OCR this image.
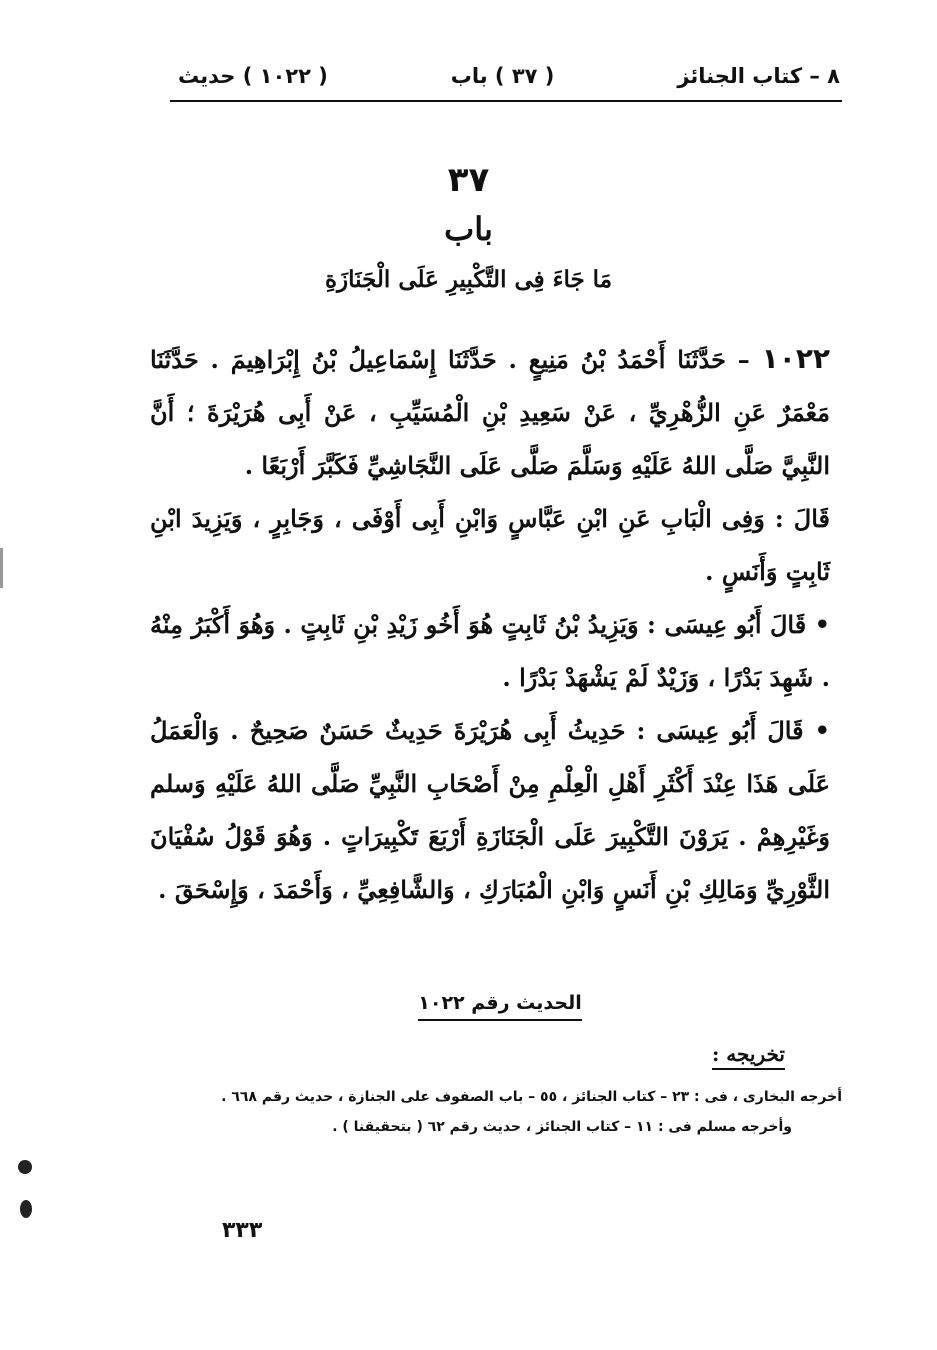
٨ – كتاب الجنائز
( ٣٧ ) باب
( ١٠٢٢ ) حديث
٣٧
باب
مَا جَاءَ فِى التَّكْبِيرِ عَلَى الْجَنَازَةِ

١٠٢٢ – حَدَّثَنَا أَحْمَدُ بْنُ مَنِيعٍ . حَدَّثَنَا إِسْمَاعِيلُ بْنُ إِبْرَاهِيمَ . حَدَّثَنَا مَعْمَرٌ عَنِ الزُّهْرِيِّ ، عَنْ سَعِيدِ بْنِ الْمُسَيِّبِ ، عَنْ أَبِى هُرَيْرَةَ ؛ أَنَّ النَّبِيَّ صَلَّى اللهُ عَلَيْهِ وَسَلَّمَ صَلَّى عَلَى النَّجَاشِيِّ فَكَبَّرَ أَرْبَعًا .

قَالَ : وَفِى الْبَابِ عَنِ ابْنِ عَبَّاسٍ وَابْنِ أَبِى أَوْفَى ، وَجَابِرٍ ، وَيَزِيدَ ابْنِ ثَابِتٍ وَأَنَسٍ .

• قَالَ أَبُو عِيسَى : وَيَزِيدُ بْنُ ثَابِتٍ هُوَ أَخُو زَيْدِ بْنِ ثَابِتٍ . وَهُوَ أَكْبَرُ مِنْهُ . شَهِدَ بَدْرًا ، وَزَيْدٌ لَمْ يَشْهَدْ بَدْرًا .

• قَالَ أَبُو عِيسَى : حَدِيثُ أَبِى هُرَيْرَةَ حَدِيثٌ حَسَنٌ صَحِيحٌ . وَالْعَمَلُ عَلَى هَذَا عِنْدَ أَكْثَرِ أَهْلِ الْعِلْمِ مِنْ أَصْحَابِ النَّبِيِّ صَلَّى اللهُ عَلَيْهِ وَسلم وَغَيْرِهِمْ . يَرَوْنَ التَّكْبِيرَ عَلَى الْجَنَازَةِ أَرْبَعَ تَكْبِيرَاتٍ . وَهُوَ قَوْلُ سُفْيَانَ الثَّوْرِيِّ وَمَالِكِ بْنِ أَنَسٍ وَابْنِ الْمُبَارَكِ ، وَالشَّافِعِيِّ ، وَأَحْمَدَ ، وَإِسْحَقَ .

الحديث رقم ١٠٢٢
تخريجه :

أخرجه البخارى ، فى : ٢٣ – كتاب الجنائز ، ٥٥ – باب الصفوف على الجنازة ، حديث رقم ٦٦٨ .

وأخرجه مسلم فى : ١١ – كتاب الجنائز ، حديث رقم ٦٢ ( بتحقيقنا ) .

٣٣٣
